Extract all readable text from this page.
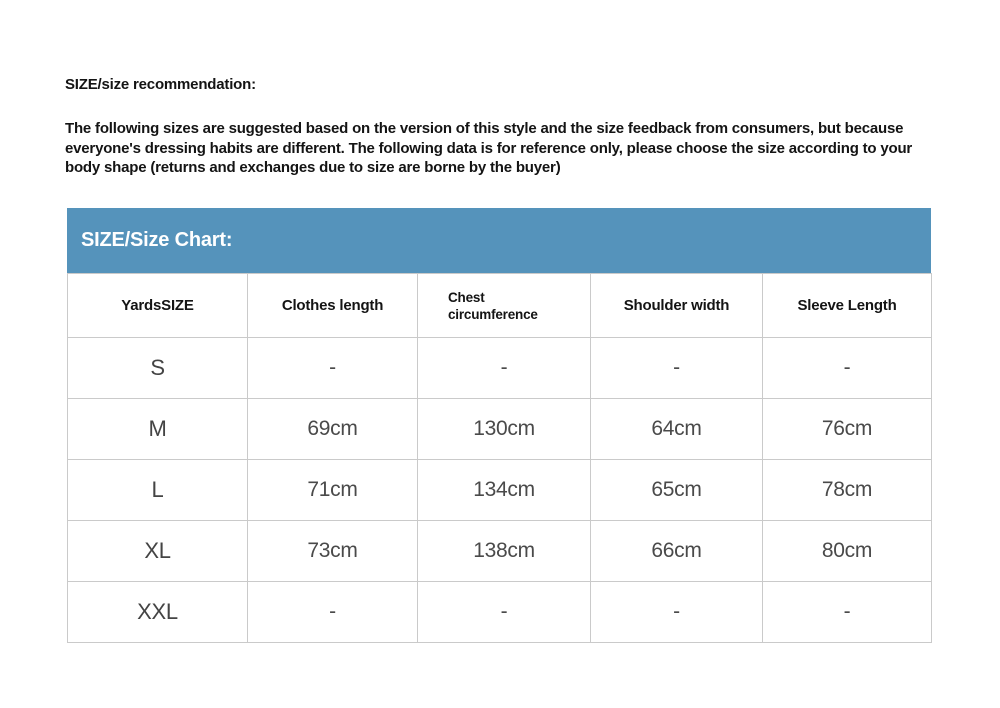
SIZE/size recommendation:

The following sizes are suggested based on the version of this style and the size feedback from consumers, but because everyone's dressing habits are different. The following data is for reference only, please choose the size according to your body shape (returns and exchanges due to size are borne by the buyer)

SIZE/Size Chart:
YardsSIZE	Clothes length	Chest circumference	Shoulder width	Sleeve Length
S	-	-	-	-
M	69cm	130cm	64cm	76cm
L	71cm	134cm	65cm	78cm
XL	73cm	138cm	66cm	80cm
XXL	-	-	-	-
